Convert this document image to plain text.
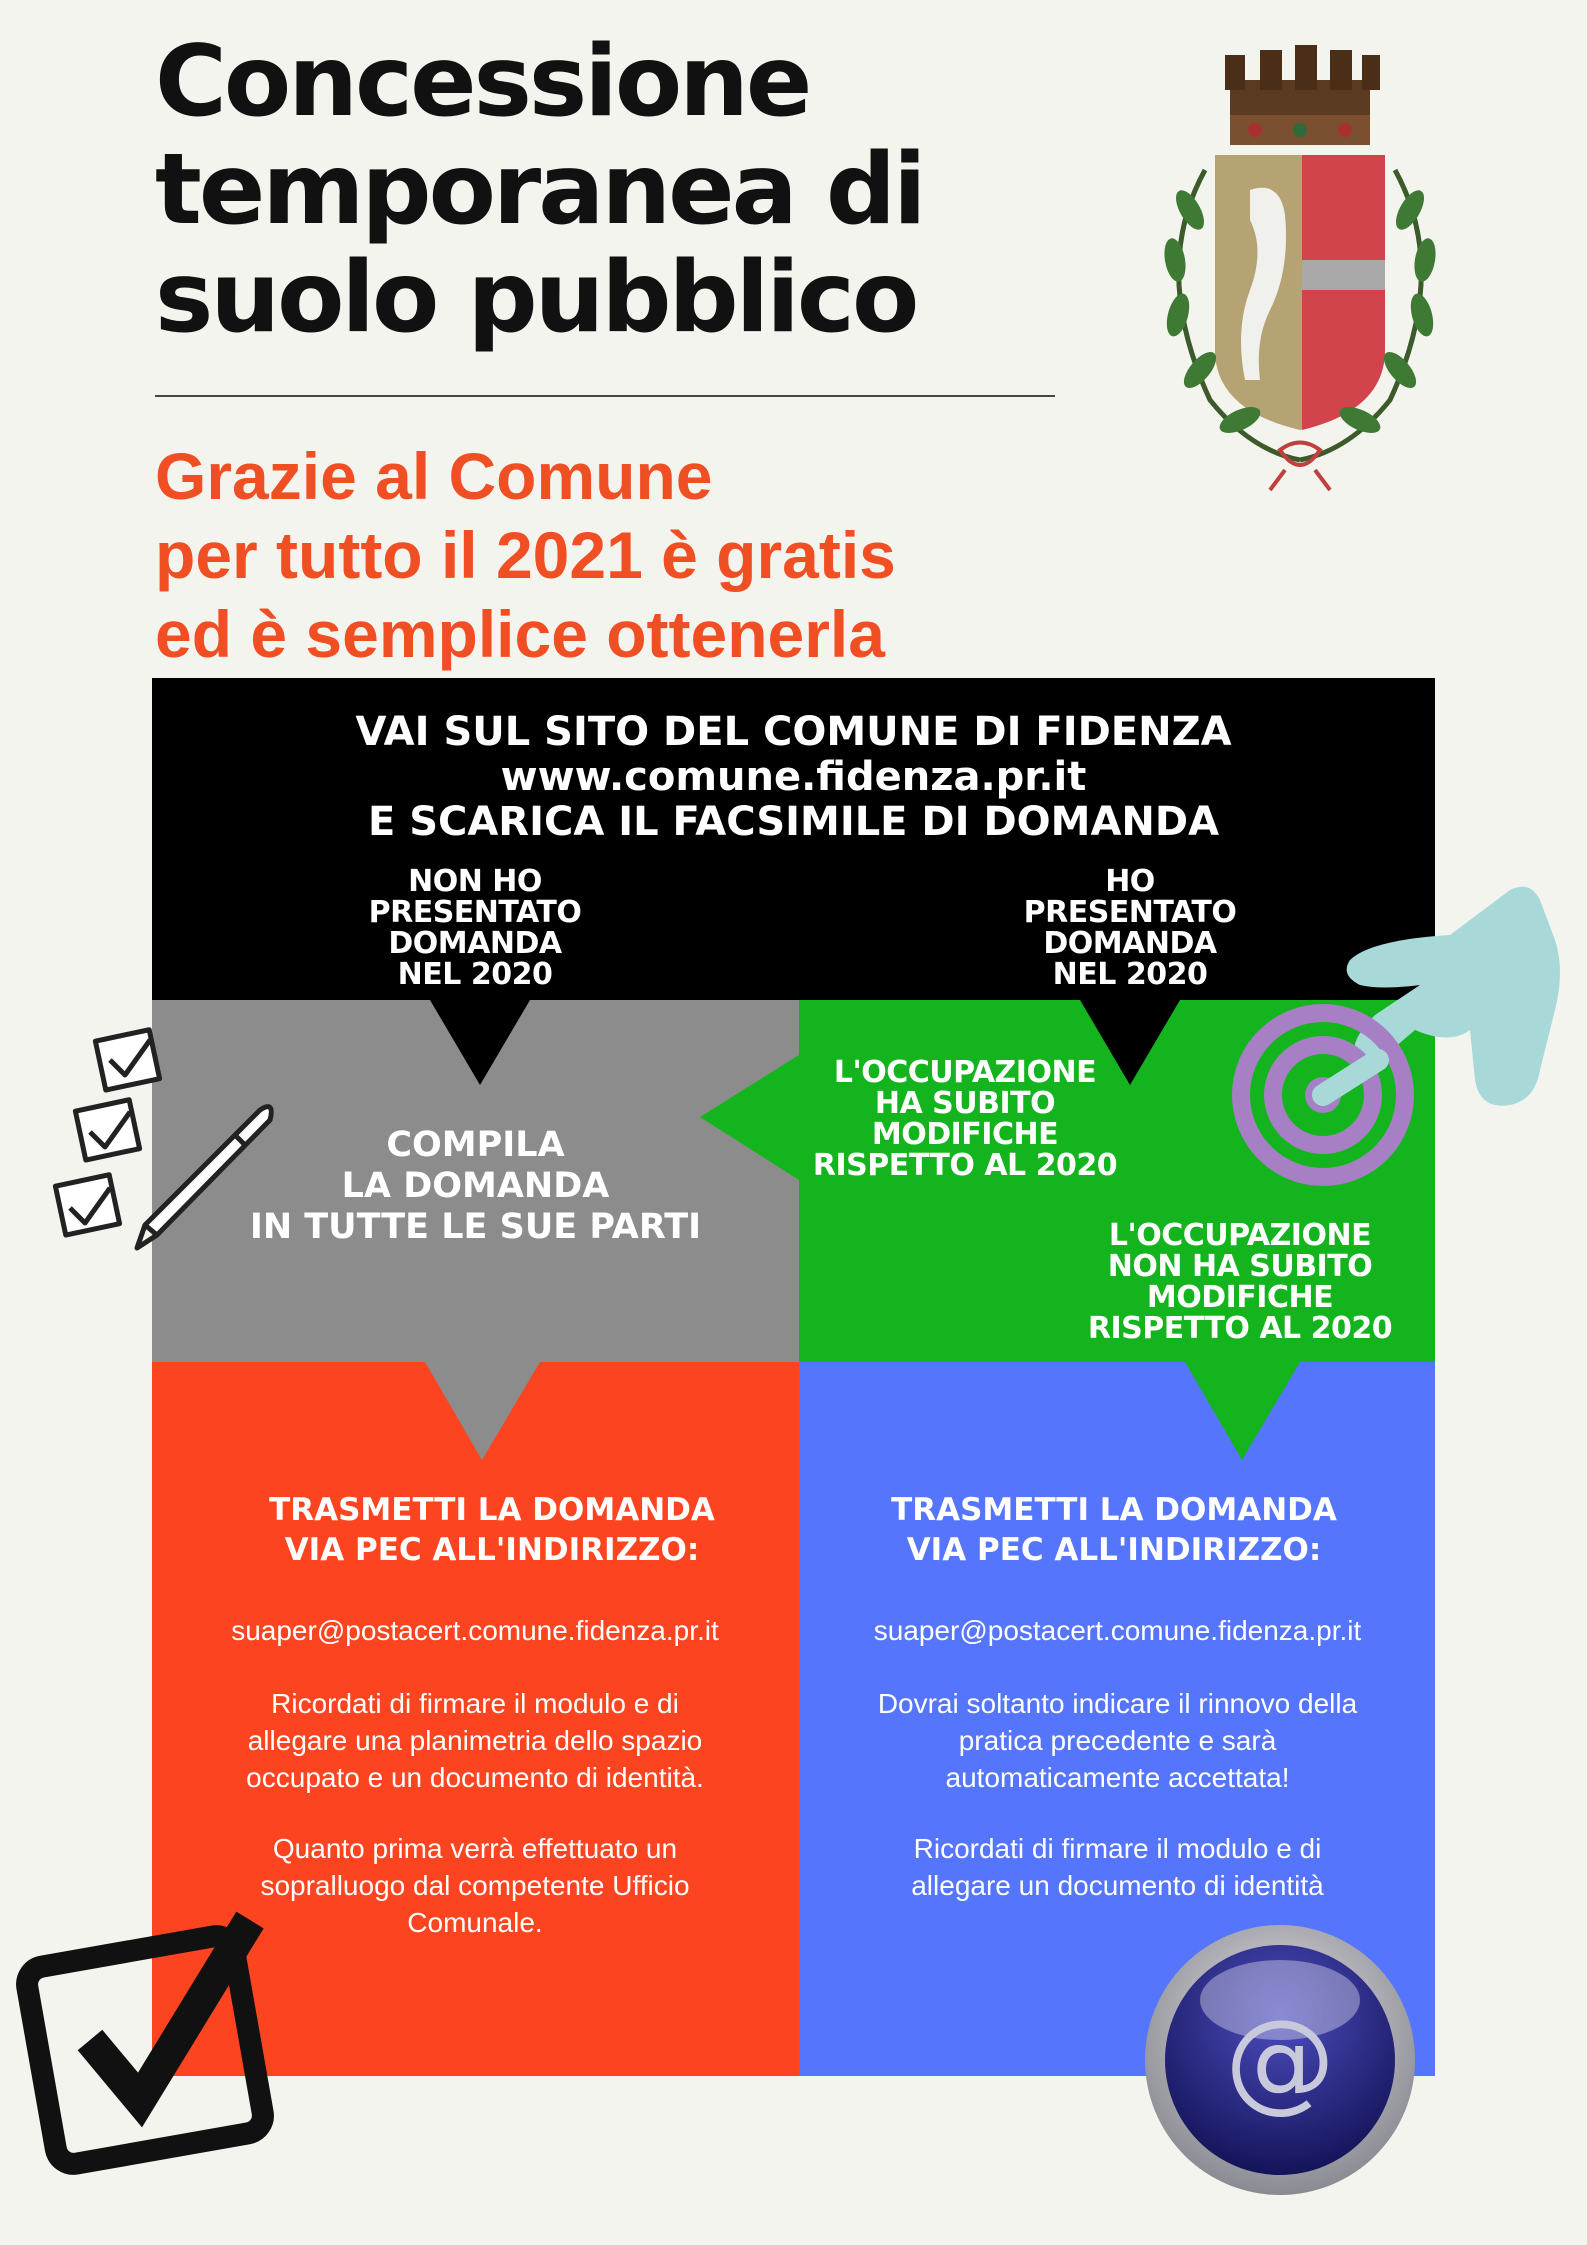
Concessione
temporanea di
suolo pubblico
Grazie al Comune
per tutto il 2021 è gratis
ed è semplice ottenerla
VAI SUL SITO DEL COMUNE DI FIDENZA
www.comune.fidenza.pr.it
E SCARICA IL FACSIMILE DI DOMANDA
NON HO
PRESENTATO
DOMANDA
NEL 2020
HO
PRESENTATO
DOMANDA
NEL 2020
L'OCCUPAZIONE
HA SUBITO
MODIFICHE
RISPETTO AL 2020
L'OCCUPAZIONE
NON HA SUBITO
MODIFICHE
RISPETTO AL 2020
COMPILA
LA DOMANDA
IN TUTTE LE SUE PARTI
TRASMETTI LA DOMANDA
VIA PEC ALL'INDIRIZZO:
suaper@postacert.comune.fidenza.pr.it
Ricordati di firmare il modulo e di
allegare una planimetria dello spazio
occupato e un documento di identità.
Quanto prima verrà effettuato un
sopralluogo dal competente Ufficio
Comunale.
TRASMETTI LA DOMANDA
VIA PEC ALL'INDIRIZZO:
suaper@postacert.comune.fidenza.pr.it
Dovrai soltanto indicare il rinnovo della
pratica precedente e sarà
automaticamente accettata!
Ricordati di firmare il modulo e di
allegare un documento di identità
@
